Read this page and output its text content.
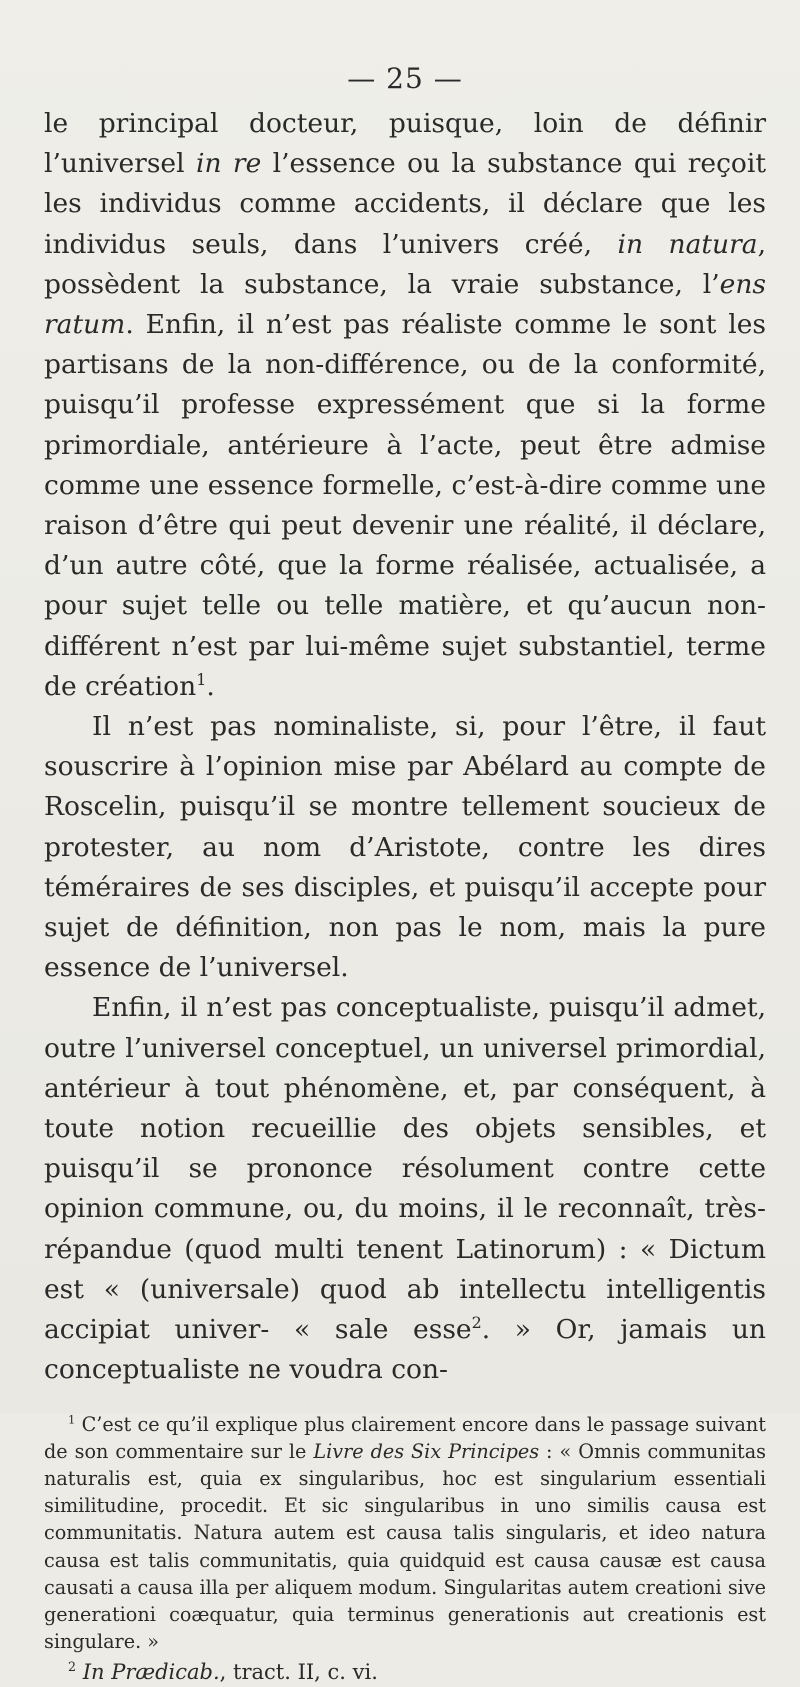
— 25 —

le principal docteur, puisque, loin de définir l’universel in re l’essence ou la substance qui reçoit les individus comme accidents, il déclare que les individus seuls, dans l’univers créé, in natura, possèdent la substance, la vraie substance, l’ens ratum. Enfin, il n’est pas réaliste comme le sont les partisans de la non-différence, ou de la conformité, puisqu’il professe expressément que si la forme primordiale, antérieure à l’acte, peut être admise comme une essence formelle, c’est-à-dire comme une raison d’être qui peut devenir une réalité, il déclare, d’un autre côté, que la forme réalisée, actualisée, a pour sujet telle ou telle matière, et qu’aucun non-différent n’est par lui-même sujet substantiel, terme de création$^1$.

Il n’est pas nominaliste, si, pour l’être, il faut souscrire à l’opinion mise par Abélard au compte de Roscelin, puisqu’il se montre tellement soucieux de protester, au nom d’Aristote, contre les dires téméraires de ses disciples, et puisqu’il accepte pour sujet de définition, non pas le nom, mais la pure essence de l’universel.

Enfin, il n’est pas conceptualiste, puisqu’il admet, outre l’universel conceptuel, un universel primordial, antérieur à tout phénomène, et, par conséquent, à toute notion recueillie des objets sensibles, et puisqu’il se prononce résolument contre cette opinion commune, ou, du moins, il le reconnaît, très-répandue (quod multi tenent Latinorum) : « Dictum est « (universale) quod ab intellectu intelligentis accipiat univer- « sale esse$^2$. » Or, jamais un conceptualiste ne voudra con-

$^1$ C’est ce qu’il explique plus clairement encore dans le passage suivant de son commentaire sur le Livre des Six Principes : « Omnis communitas naturalis est, quia ex singularibus, hoc est singularium essentiali similitudine, procedit. Et sic singularibus in uno similis causa est communitatis. Natura autem est causa talis singularis, et ideo natura causa est talis communitatis, quia quidquid est causa causæ est causa causati a causa illa per aliquem modum. Singularitas autem creationi sive generationi coæquatur, quia terminus generationis aut creationis est singulare. »

$^2$ In Prædicab., tract. II, c. vi.
